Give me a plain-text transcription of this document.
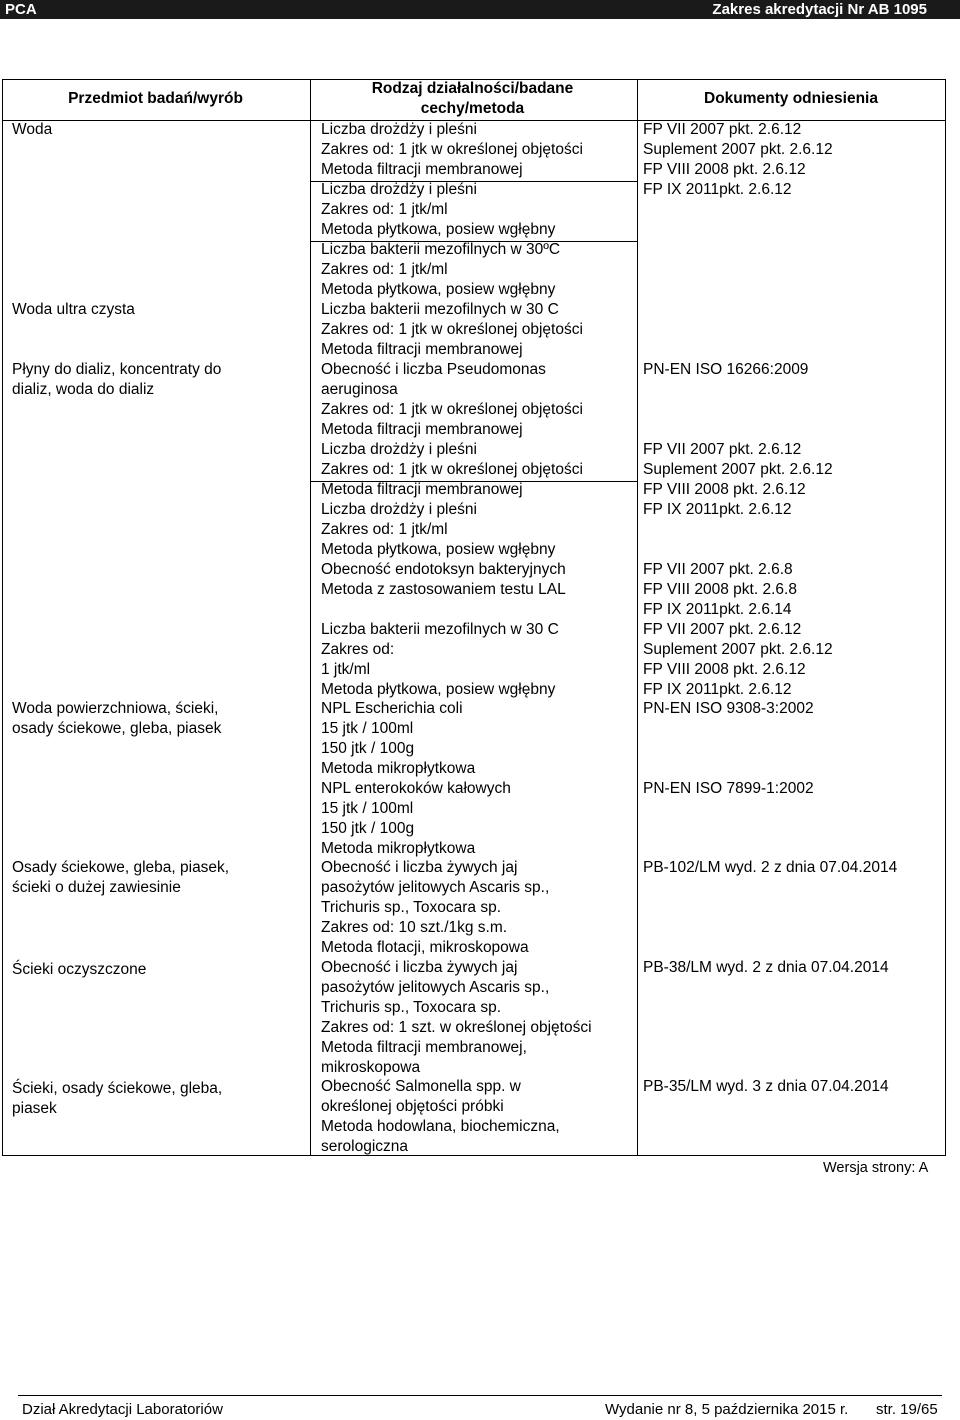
PCA	Zakres akredytacji Nr AB 1095
Przedmiot badań/wyrób
Rodzaj działalności/badane
cechy/metoda
Dokumenty odniesienia
Woda
Woda ultra czysta
Płyny do dializ, koncentraty do
dializ, woda do dializ
Woda powierzchniowa, ścieki,
osady ściekowe, gleba, piasek
Osady ściekowe, gleba, piasek,
ścieki o dużej zawiesinie
Ścieki oczyszczone
Ścieki, osady ściekowe, gleba,
piasek
Liczba drożdży i pleśni
Zakres od: 1 jtk w określonej objętości
Metoda filtracji membranowej
Liczba drożdży i pleśni
Zakres od: 1 jtk/ml
Metoda płytkowa, posiew wgłębny
Liczba bakterii mezofilnych w 30ºC
Zakres od: 1 jtk/ml
Metoda płytkowa, posiew wgłębny
Liczba bakterii mezofilnych w 30 C
Zakres od: 1 jtk w określonej objętości
Metoda filtracji membranowej
Obecność i liczba Pseudomonas
aeruginosa
Zakres od: 1 jtk w określonej objętości
Metoda filtracji membranowej
Liczba drożdży i pleśni
Zakres od: 1 jtk w określonej objętości
Metoda filtracji membranowej
Liczba drożdży i pleśni
Zakres od: 1 jtk/ml
Metoda płytkowa, posiew wgłębny
Obecność endotoksyn bakteryjnych
Metoda z zastosowaniem testu LAL
Liczba bakterii mezofilnych w 30 C
Zakres od:
1 jtk/ml
Metoda płytkowa, posiew wgłębny
NPL Escherichia coli
15 jtk / 100ml
150 jtk / 100g
Metoda mikropłytkowa
NPL enterokoków kałowych
15 jtk / 100ml
150 jtk / 100g
Metoda mikropłytkowa
Obecność i liczba żywych jaj
pasożytów jelitowych Ascaris sp.,
Trichuris sp., Toxocara sp.
Zakres od: 10 szt./1kg s.m.
Metoda flotacji, mikroskopowa
Obecność i liczba żywych jaj
pasożytów jelitowych Ascaris sp.,
Trichuris sp., Toxocara sp.
Zakres od: 1 szt. w określonej objętości
Metoda filtracji membranowej,
mikroskopowa
Obecność Salmonella spp. w
określonej objętości próbki
Metoda hodowlana, biochemiczna,
serologiczna
FP VII 2007 pkt. 2.6.12
Suplement 2007 pkt. 2.6.12
FP VIII 2008 pkt. 2.6.12
FP IX 2011pkt. 2.6.12
PN-EN ISO 16266:2009
FP VII 2007 pkt. 2.6.12
Suplement 2007 pkt. 2.6.12
FP VIII 2008 pkt. 2.6.12
FP IX 2011pkt. 2.6.12
FP VII 2007 pkt. 2.6.8
FP VIII 2008 pkt. 2.6.8
FP IX 2011pkt. 2.6.14
FP VII 2007 pkt. 2.6.12
Suplement 2007 pkt. 2.6.12
FP VIII 2008 pkt. 2.6.12
FP IX 2011pkt. 2.6.12
PN-EN ISO 9308-3:2002
PN-EN ISO 7899-1:2002
PB-102/LM wyd. 2 z dnia 07.04.2014
PB-38/LM wyd. 2 z dnia 07.04.2014
PB-35/LM wyd. 3 z dnia 07.04.2014
Wersja strony: A
Dział Akredytacji Laboratoriów	Wydanie nr 8, 5 października 2015 r. str. 19/65
